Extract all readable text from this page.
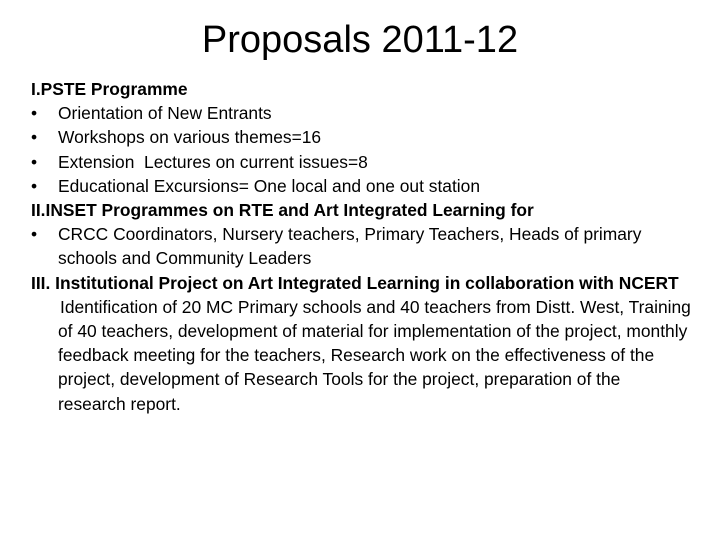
Proposals 2011-12
I.PSTE Programme
•	Orientation of New Entrants
•	Workshops on various themes=16
•	Extension  Lectures on current issues=8
•	Educational Excursions= One local and one out station
II.INSET Programmes on RTE and Art Integrated Learning for
•	CRCC Coordinators, Nursery teachers, Primary Teachers, Heads of primary schools and Community Leaders
III. Institutional Project on Art Integrated Learning in collaboration with NCERT
Identification of 20 MC Primary schools and 40 teachers from Distt. West, Training of 40 teachers, development of material for implementation of the project, monthly feedback meeting for the teachers, Research work on the effectiveness of the project, development of Research Tools for the project, preparation of the research report.
